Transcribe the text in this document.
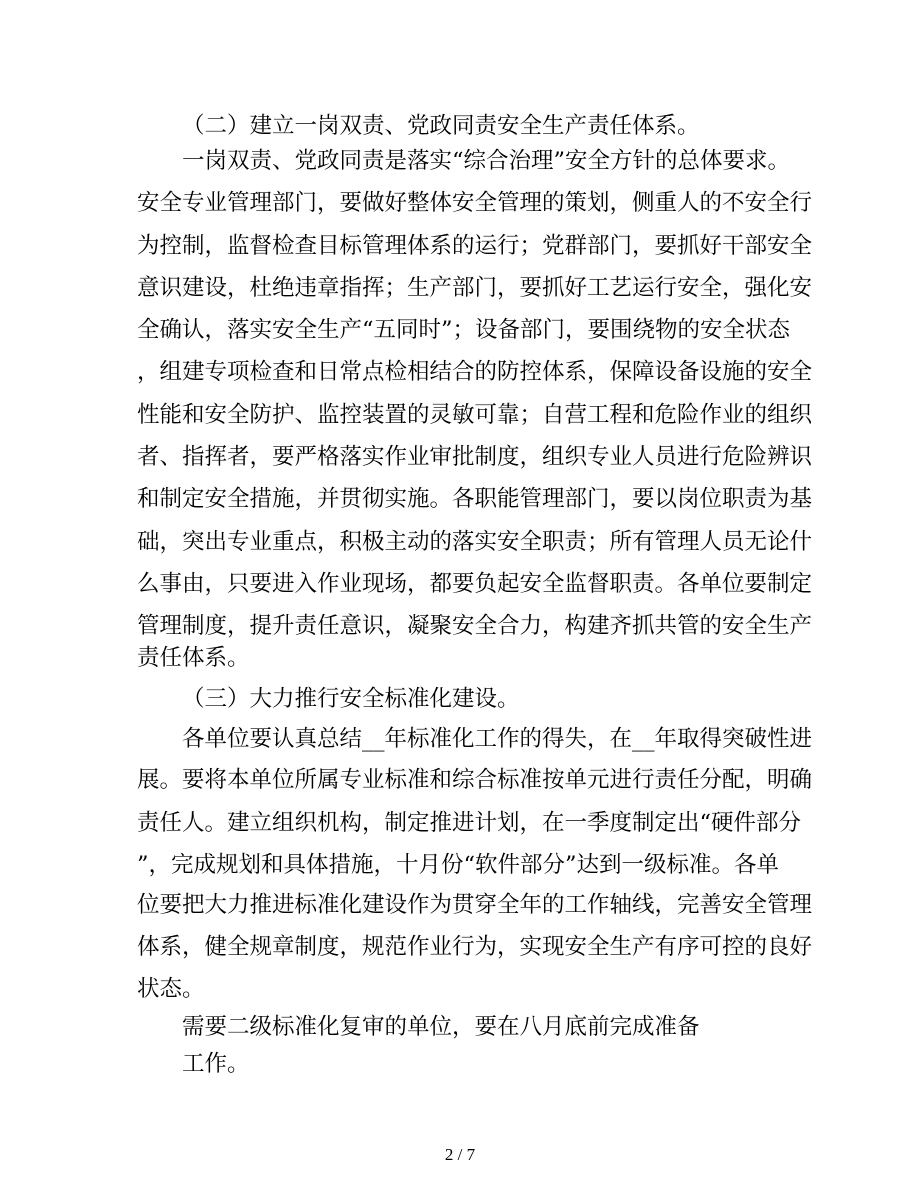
（二）建立一岗双责、党政同责安全生产责任体系。

一岗双责、党政同责是落实“综合治理”安全方针的总体要求。

安全专业管理部门，要做好整体安全管理的策划，侧重人的不安全行

为控制，监督检查目标管理体系的运行；党群部门，要抓好干部安全

意识建设，杜绝违章指挥；生产部门，要抓好工艺运行安全，强化安

全确认，落实安全生产“五同时”；设备部门，要围绕物的安全状态

，组建专项检查和日常点检相结合的防控体系，保障设备设施的安全

性能和安全防护、监控装置的灵敏可靠；自营工程和危险作业的组织

者、指挥者，要严格落实作业审批制度，组织专业人员进行危险辨识

和制定安全措施，并贯彻实施。各职能管理部门，要以岗位职责为基

础，突出专业重点，积极主动的落实安全职责；所有管理人员无论什

么事由，只要进入作业现场，都要负起安全监督职责。各单位要制定

管理制度，提升责任意识，凝聚安全合力，构建齐抓共管的安全生产

责任体系。

（三）大力推行安全标准化建设。

各单位要认真总结__年标准化工作的得失，在__年取得突破性进

展。要将本单位所属专业标准和综合标准按单元进行责任分配，明确

责任人。建立组织机构，制定推进计划，在一季度制定出“硬件部分

”，完成规划和具体措施，十月份“软件部分”达到一级标准。各单

位要把大力推进标准化建设作为贯穿全年的工作轴线，完善安全管理

体系，健全规章制度，规范作业行为，实现安全生产有序可控的良好

状态。

需要二级标准化复审的单位，要在八月底前完成准备

工作。

2 / 7
